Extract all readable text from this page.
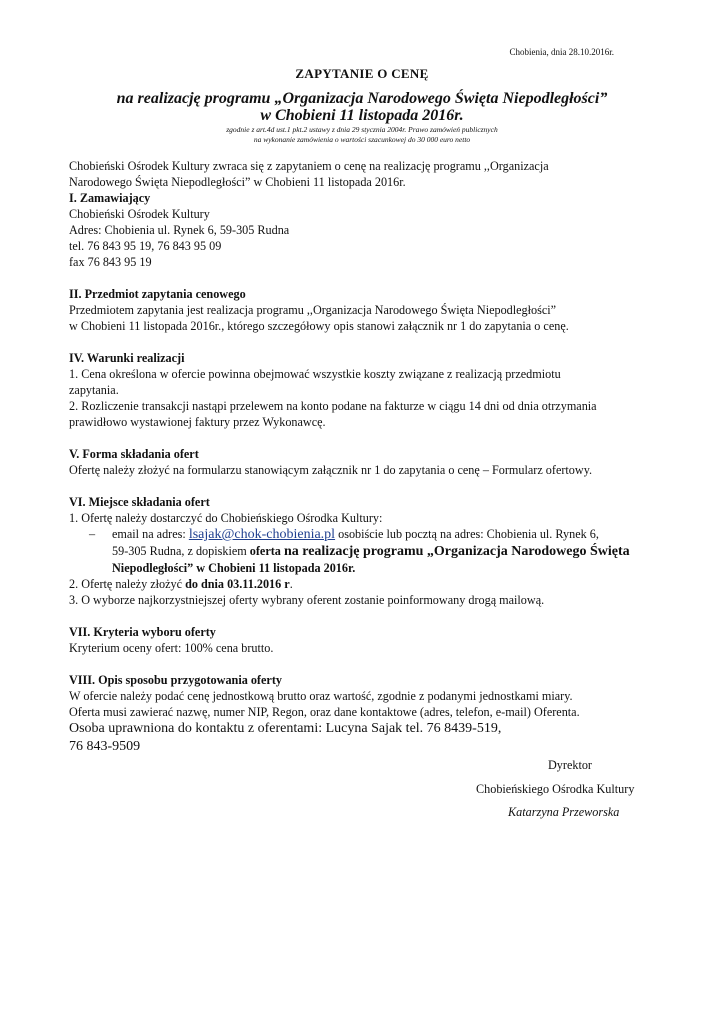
Chobienia, dnia 28.10.2016r.
ZAPYTANIE O CENĘ
na realizację programu „Organizacja Narodowego Święta Niepodległości”
w Chobieni 11 listopada 2016r.
zgodnie z art.4d ust.1 pkt.2 ustawy z dnia 29 stycznia 2004r. Prawo zamówień publicznych
na wykonanie zamówienia o wartości szacunkowej do 30 000 euro netto

Chobieński Ośrodek Kultury zwraca się z zapytaniem o cenę na realizację programu ,,Organizacja

Narodowego Święta Niepodległości” w Chobieni 11 listopada 2016r.

I. Zamawiający

Chobieński Ośrodek Kultury

Adres: Chobienia ul. Rynek 6, 59-305 Rudna

tel. 76 843 95 19, 76 843 95 09

fax 76 843 95 19

II. Przedmiot zapytania cenowego

Przedmiotem zapytania jest realizacja programu ,,Organizacja Narodowego Święta Niepodległości”

w Chobieni 11 listopada 2016r., którego szczegółowy opis stanowi załącznik nr 1 do zapytania o cenę.

IV. Warunki realizacji

1. Cena określona w ofercie powinna obejmować wszystkie koszty związane z realizacją przedmiotu

zapytania.

2. Rozliczenie transakcji nastąpi przelewem na konto podane na fakturze w ciągu 14 dni od dnia otrzymania

prawidłowo wystawionej faktury przez Wykonawcę.

V. Forma składania ofert

Ofertę należy złożyć na formularzu stanowiącym załącznik nr 1 do zapytania o cenę – Formularz ofertowy.

VI. Miejsce składania ofert

1. Ofertę należy dostarczyć do Chobieńskiego Ośrodka Kultury:

– email na adres: lsajak@chok-chobienia.pl osobiście lub pocztą na adres: Chobienia ul. Rynek 6,

59-305 Rudna, z dopiskiem oferta na realizację programu „Organizacja Narodowego Święta

Niepodległości” w Chobieni 11 listopada 2016r.

2. Ofertę należy złożyć do dnia 03.11.2016 r.

3. O wyborze najkorzystniejszej oferty wybrany oferent zostanie poinformowany drogą mailową.

VII. Kryteria wyboru oferty

Kryterium oceny ofert: 100% cena brutto.

VIII. Opis sposobu przygotowania oferty

W ofercie należy podać cenę jednostkową brutto oraz wartość, zgodnie z podanymi jednostkami miary.

Oferta musi zawierać nazwę, numer NIP, Regon, oraz dane kontaktowe (adres, telefon, e-mail) Oferenta.

Osoba uprawniona do kontaktu z oferentami: Lucyna Sajak tel. 76 8439-519,

76 843-9509

Dyrektor
Chobieńskiego Ośrodka Kultury
Katarzyna Przeworska
